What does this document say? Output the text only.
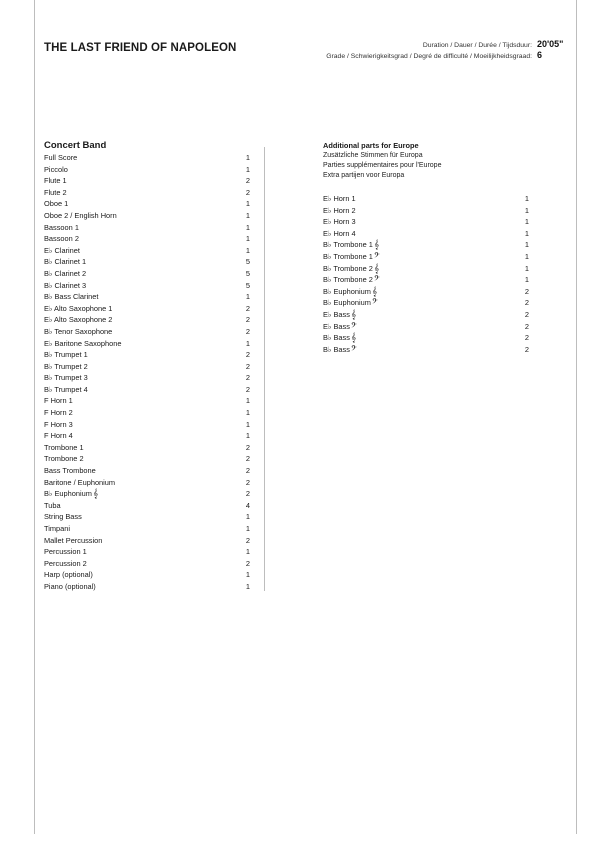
THE LAST FRIEND OF NAPOLEON	Duration / Dauer / Durée / Tijdsduur: 20'05"
Grade / Schwierigkeitsgrad / Degré de difficulté / Moeilijkheidsgraad: 6
Concert Band
Full Score	1
Piccolo	1
Flute 1	2
Flute 2	2
Oboe 1	1
Oboe 2 / English Horn	1
Bassoon 1	1
Bassoon 2	1
E♭ Clarinet	1
B♭ Clarinet 1	5
B♭ Clarinet 2	5
B♭ Clarinet 3	5
B♭ Bass Clarinet	1
E♭ Alto Saxophone 1	2
E♭ Alto Saxophone 2	2
B♭ Tenor Saxophone	2
E♭ Baritone Saxophone	1
B♭ Trumpet 1	2
B♭ Trumpet 2	2
B♭ Trumpet 3	2
B♭ Trumpet 4	2
F Horn 1	1
F Horn 2	1
F Horn 3	1
F Horn 4	1
Trombone 1	2
Trombone 2	2
Bass Trombone	2
Baritone / Euphonium	2
B♭ Euphonium𝄞	2
Tuba	4
String Bass	1
Timpani	1
Mallet Percussion	2
Percussion 1	1
Percussion 2	2
Harp (optional)	1
Piano (optional)	1
Additional parts for Europe
Zusätzliche Stimmen für Europa
Parties supplémentaires pour l'Europe
Extra partijen voor Europa
E♭ Horn 1	1
E♭ Horn 2	1
E♭ Horn 3	1
E♭ Horn 4	1
B♭ Trombone 1𝄞	1
B♭ Trombone 1𝄢	1
B♭ Trombone 2𝄞	1
B♭ Trombone 2𝄢	1
B♭ Euphonium𝄞	2
B♭ Euphonium𝄢	2
E♭ Bass𝄞	2
E♭ Bass𝄢	2
B♭ Bass𝄞	2
B♭ Bass𝄢	2
